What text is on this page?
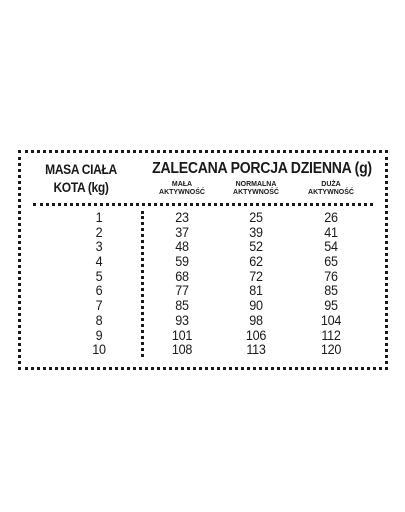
MASA CIAŁA
KOTA (kg)
ZALECANA PORCJA DZIENNA (g)
MAŁA
AKTYWNOŚĆ
NORMALNA
AKTYWNOŚĆ
DUŻA
AKTYWNOŚĆ
1
2
3
4
5
6
7
8
9
10
23
37
48
59
68
77
85
93
101
108
25
39
52
62
72
81
90
98
106
113
26
41
54
65
76
85
95
104
112
120
